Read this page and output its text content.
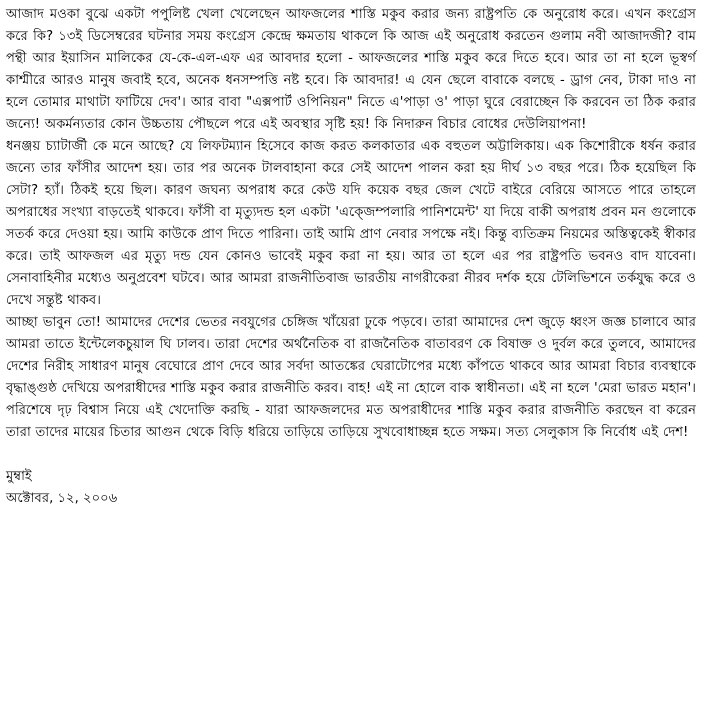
আজাদ মওকা বুঝে একটা পপুলিষ্ট খেলা খেলেছেন আফজলের শাস্তি মকুব করার জন্য রাষ্ট্রপতি কে অনুরোধ করে। এখন কংগ্রেস করে কি? ১৩ই ডিসেম্বরের ঘটনার সময় কংগ্রেস কেন্দ্রে ক্ষমতায় থাকলে কি আজ এই অনুরোধ করতেন গুলাম নবী আজাদজী? বাম পন্থী আর ইয়াসিন মালিকের যে-কে-এল-এফ এর আবদার হলো - আফজলের শাস্তি মকুব করে দিতে হবে। আর তা না হলে ভূস্বর্গ কাশ্মীরে আরও মানুষ জবাই হবে, অনেক ধনসম্পত্তি নষ্ট হবে। কি আবদার! এ যেন ছেলে বাবাকে বলছে - ড্রাগ নেব, টাকা দাও না হলে তোমার মাথাটা ফাটিয়ে দেব'। আর বাবা "এক্সপার্ট ওপিনিয়ন" নিতে এ'পাড়া ও' পাড়া ঘুরে বেরাচ্ছেন কি করবেন তা ঠিক করার জন্যে! অকর্মন্যতার কোন উচ্চতায় পৌছলে পরে এই অবস্থার সৃষ্টি হয়! কি নিদারুন বিচার বোধের দেউলিয়াপনা!

ধনঞ্জয় চ্যাটার্জী কে মনে আছে? যে লিফটম্যান হিসেবে কাজ করত কলকাতার এক বহুতল অট্টালিকায়। এক কিশোরীকে ধর্ষন করার জন্যে তার ফাঁসীর আদেশ হয়। তার পর অনেক টালবাহানা করে সেই আদেশ পালন করা হয় দীর্ঘ ১৩ বছর পরে। ঠিক হয়েছিল কি সেটা? হ্যাঁ। ঠিকই হয়ে ছিল। কারণ জঘন্য অপরাধ করে কেউ যদি কয়েক বছর জেল খেটে বাইরে বেরিয়ে আসতে পারে তাহলে অপরাধের সংখ্যা বাড়তেই থাকবে। ফাঁসী বা মৃত্যুদন্ড হল একটা 'এক্জেম্পলারি পানিশমেন্ট' যা দিয়ে বাকী অপরাধ প্রবন মন গুলোকে সতর্ক করে দেওয়া হয়। আমি কাউকে প্রাণ দিতে পারিনা। তাই আমি প্রাণ নেবার সপক্ষে নই। কিন্তু ব্যতিক্রম নিয়মের অস্তিত্বকেই স্বীকার করে। তাই আফজল এর মৃত্যু দন্ড যেন কোনও ভাবেই মকুব করা না হয়। আর তা হলে এর পর রাষ্ট্রপতি ভবনও বাদ যাবেনা। সেনাবাহিনীর মধ্যেও অনুপ্রবেশ ঘটবে। আর আমরা রাজনীতিবাজ ভারতীয় নাগরীকেরা নীরব দর্শক হয়ে টেলিভিশনে তর্কযুদ্ধ করে ও দেখে সন্তুষ্ট থাকব।

আচ্ছা ভাবুন তো! আমাদের দেশের ভেতর নবযুগের চেঙ্গিজ খাঁয়েরা ঢুকে পড়বে। তারা আমাদের দেশ জুড়ে ধ্বংস জজ্ঞ চালাবে আর আমরা তাতে ইন্টেলেকচুয়াল ঘি ঢালব। তারা দেশের অর্থনৈতিক বা রাজনৈতিক বাতাবরণ কে বিষাক্ত ও দুর্বল করে তুলবে, আমাদের দেশের নিরীহ সাধারণ মানুষ বেঘোরে প্রাণ দেবে আর সর্বদা আতঙ্কের ঘেরাটোপের মধ্যে কাঁপতে থাকবে আর আমরা বিচার ব্যবস্থাকে বৃদ্ধাঙ্গুষ্ঠ দেখিয়ে অপরাধীদের শাস্তি মকুব করার রাজনীতি করব। বাহ! এই না হোলে বাক স্বাধীনতা। এই না হলে 'মেরা ভারত মহান'। পরিশেষে দৃঢ় বিশ্বাস নিয়ে এই খেদোক্তি করছি - যারা আফজলদের মত অপরাধীদের শাস্তি মকুব করার রাজনীতি করছেন বা করেন তারা তাদের মায়ের চিতার আগুন থেকে বিড়ি ধরিয়ে তাড়িয়ে তাড়িয়ে সুখবোধাচ্ছন্ন হতে সক্ষম। সত্য সেলুকাস কি নির্বোধ এই দেশ!

মুম্বাই
অক্টোবর, ১২, ২০০৬
